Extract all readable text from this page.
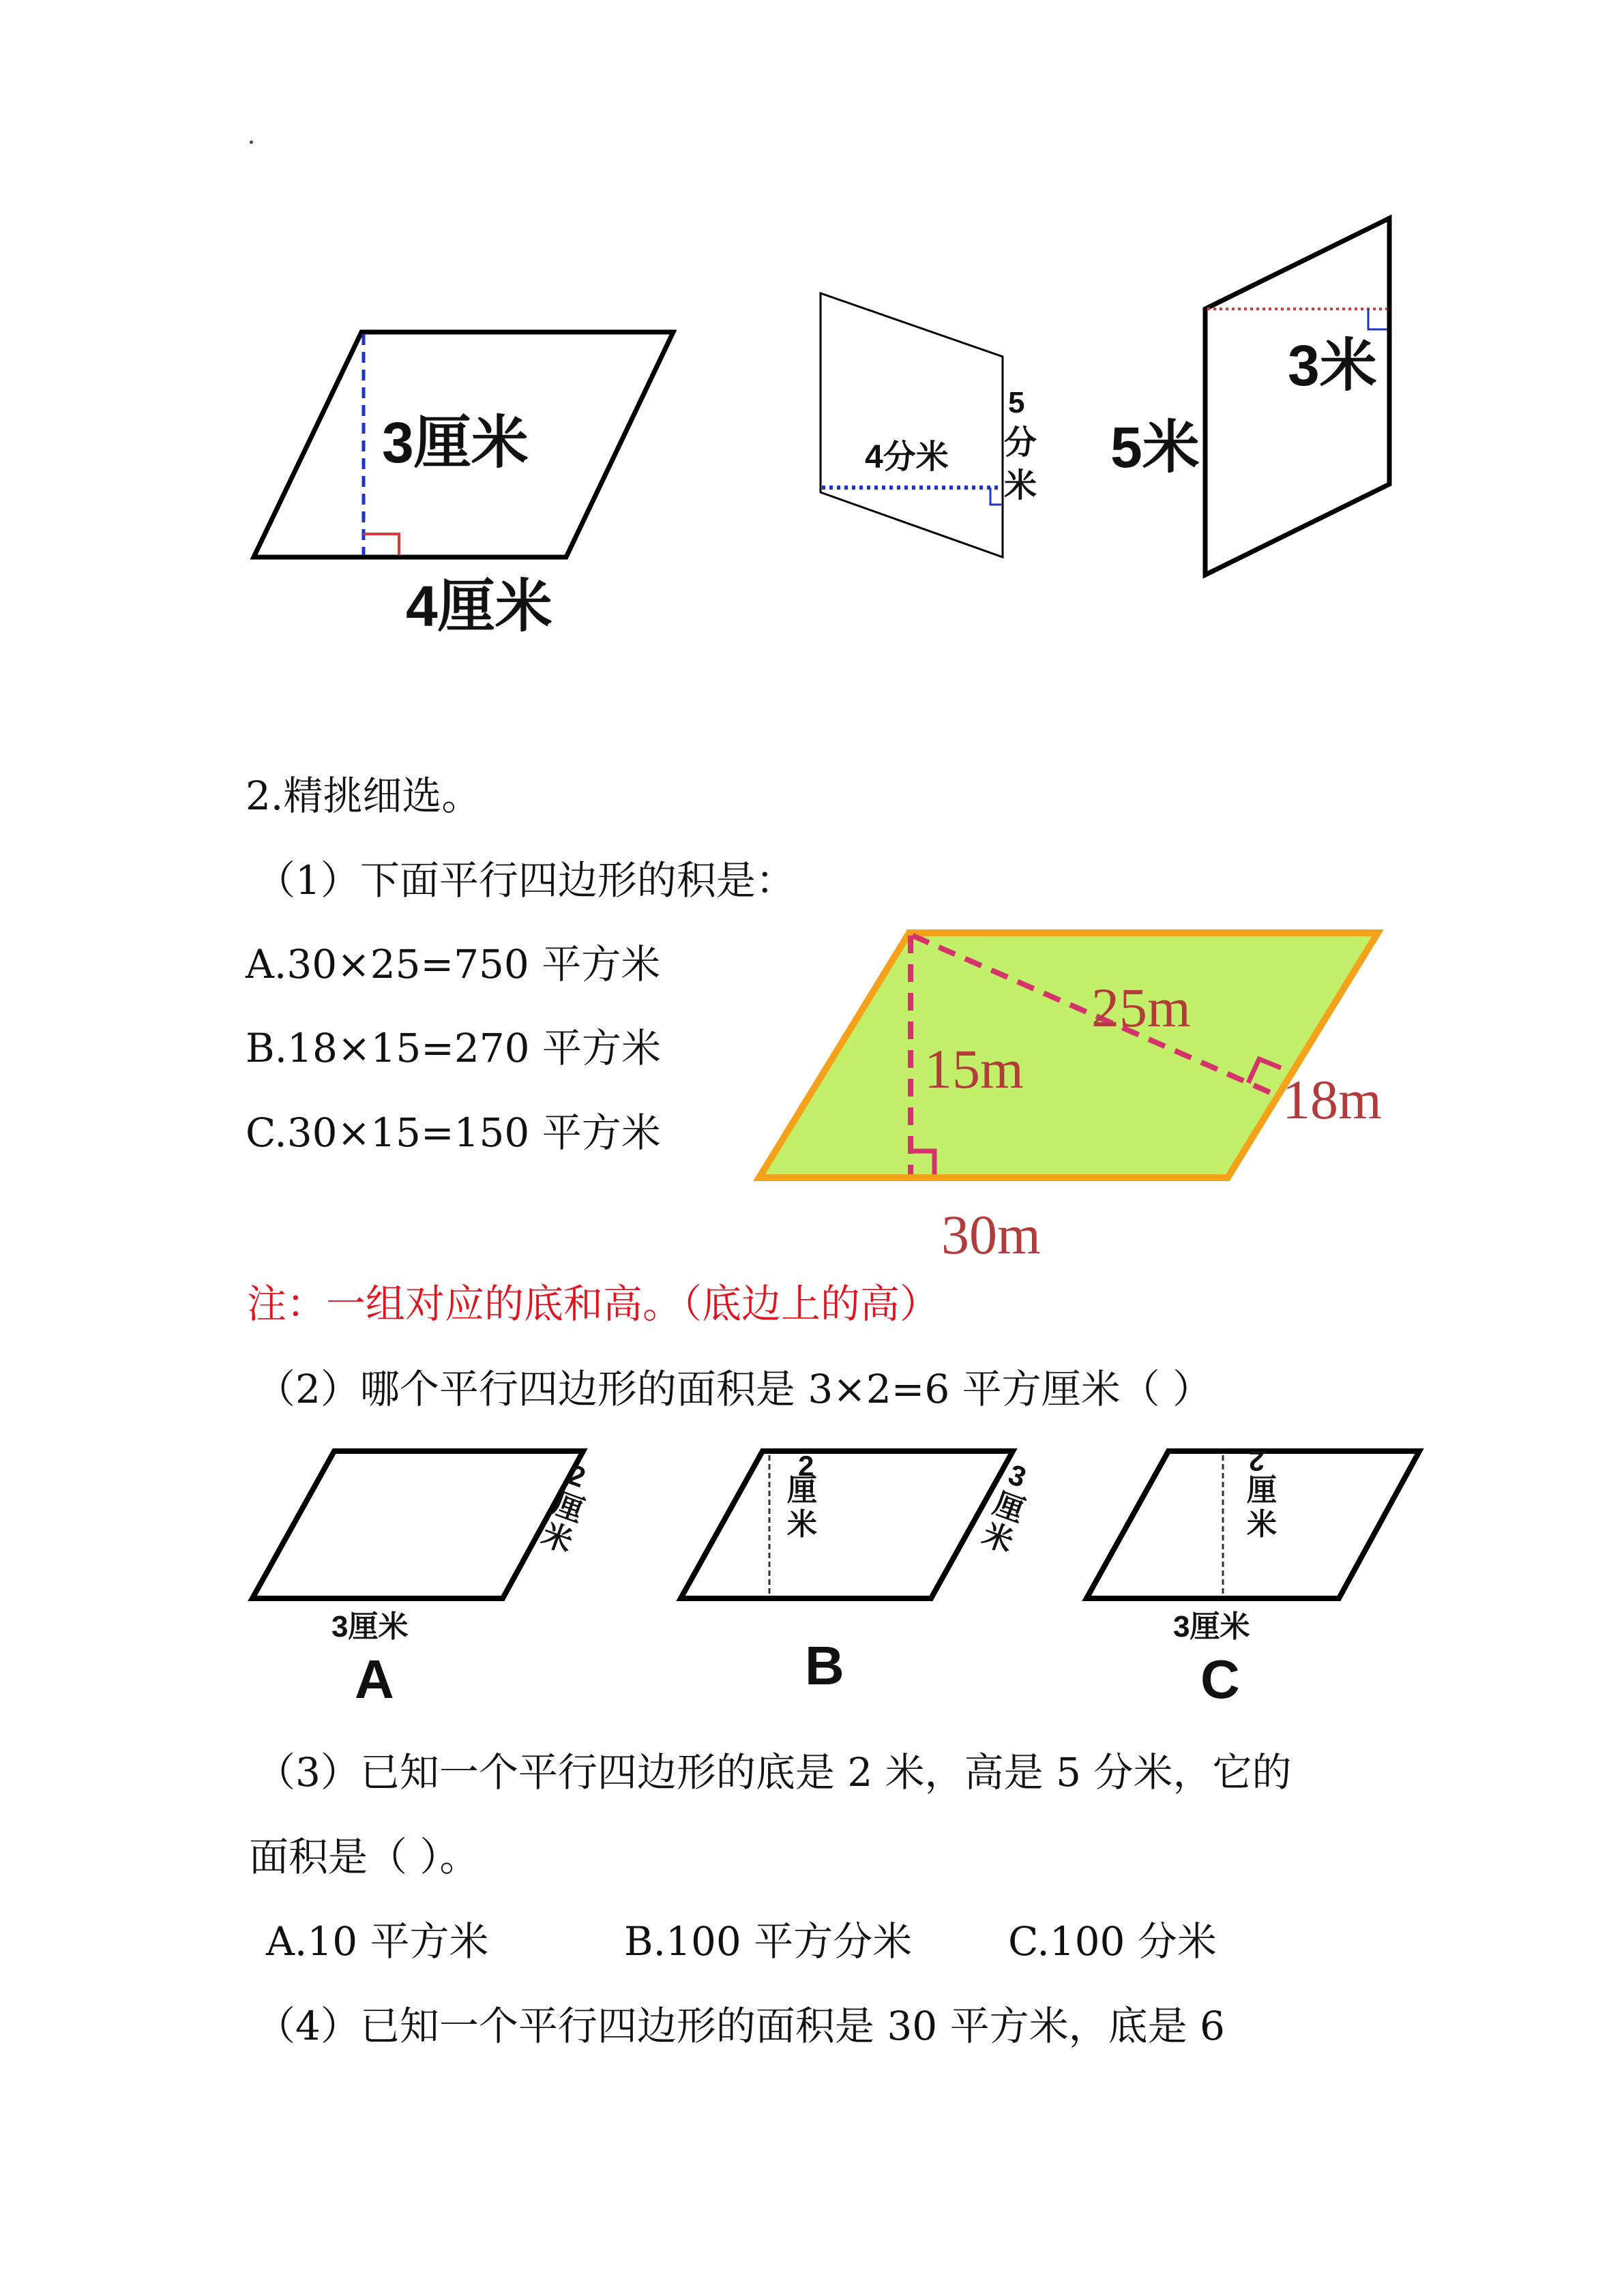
3厘米
4厘米
4分米
5
分
米
3米
5米
25m
15m	18m
30m
2
厘
米
3厘米
A
2
厘
米
3
厘
米
B
2
厘
米
3厘米
C
2.精挑细选。
（1）下面平行四边形的积是：
A.30×25=750 平方米
B.18×15=270 平方米
C.30×15=150 平方米
注：一组对应的底和高。（底边上的高）
（2）哪个平行四边形的面积是 3×2=6 平方厘米（ ）
（3）已知一个平行四边形的底是 2 米，高是 5 分米，它的
面积是（ ）。
A.10 平方米	B.100 平方分米 C.100 分米
（4）已知一个平行四边形的面积是 30 平方米，底是 6
